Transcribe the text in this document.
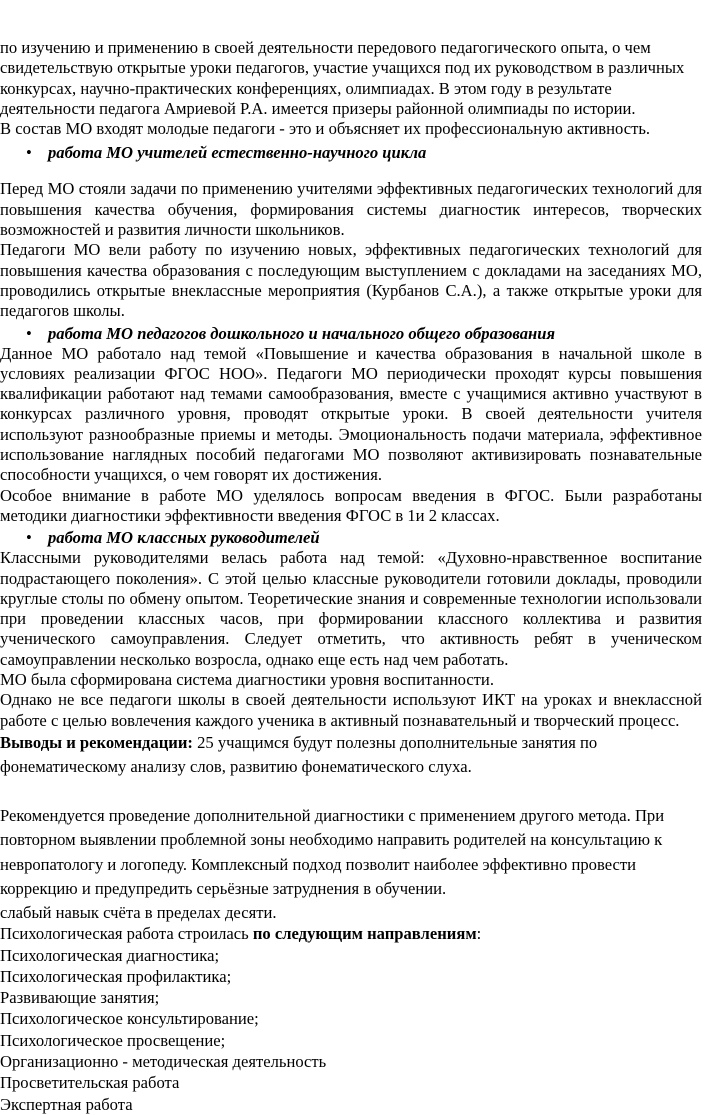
по изучению и применению в своей деятельности передового педагогического опыта, о чем свидетельствую открытые уроки педагогов, участие учащихся под их руководством в различных конкурсах, научно-практических конференциях, олимпиадах. В этом году в результате деятельности педагога Амриевой Р.А. имеется призеры районной олимпиады по истории.

В состав МО входят молодые педагоги - это и объясняет их профессиональную активность.

• работа МО учителей естественно-научного цикла

Перед МО стояли задачи по применению учителями эффективных педагогических технологий для повышения качества обучения, формирования системы диагностик интересов, творческих возможностей и развития личности школьников.

Педагоги МО вели работу по изучению новых, эффективных педагогических технологий для повышения качества образования с последующим выступлением с докладами на заседаниях МО, проводились открытые внеклассные мероприятия (Курбанов С.А.), а также открытые уроки для педагогов школы.

• работа МО педагогов дошкольного и начального общего образования

Данное МО работало над темой «Повышение и качества образования в начальной школе в условиях реализации ФГОС НОО». Педагоги МО периодически проходят курсы повышения квалификации работают над темами самообразования, вместе с учащимися активно участвуют в конкурсах различного уровня, проводят открытые уроки. В своей деятельности учителя используют разнообразные приемы и методы. Эмоциональность подачи материала, эффективное использование наглядных пособий педагогами МО позволяют активизировать познавательные способности учащихся, о чем говорят их достижения.

Особое внимание в работе МО уделялось вопросам введения в ФГОС. Были разработаны методики диагностики эффективности введения ФГОС в 1и 2 классах.

• работа МО классных руководителей

Классными руководителями велась работа над темой: «Духовно-нравственное воспитание подрастающего поколения». С этой целью классные руководители готовили доклады, проводили круглые столы по обмену опытом. Теоретические знания и современные технологии использовали при проведении классных часов, при формировании классного коллектива и развития ученического самоуправления. Следует отметить, что активность ребят в ученическом самоуправлении несколько возросла, однако еще есть над чем работать.

МО была сформирована система диагностики уровня воспитанности.

Однако не все педагоги школы в своей деятельности используют ИКТ на уроках и внеклассной работе с целью вовлечения каждого ученика в активный познавательный и творческий процесс.

Выводы и рекомендации: 25 учащимся будут полезны дополнительные занятия по фонематическому анализу слов, развитию фонематического слуха.

Рекомендуется проведение дополнительной диагностики с применением другого метода. При повторном выявлении проблемной зоны необходимо направить родителей на консультацию к невропатологу и логопеду. Комплексный подход позволит наиболее эффективно провести коррекцию и предупредить серьёзные затруднения в обучении.

слабый навык счёта в пределах десяти.

Психологическая работа строилась по следующим направлениям:

Психологическая диагностика;

Психологическая профилактика;

Развивающие занятия;

Психологическое консультирование;

Психологическое просвещение;

Организационно - методическая деятельность

Просветительская работа

Экспертная работа
